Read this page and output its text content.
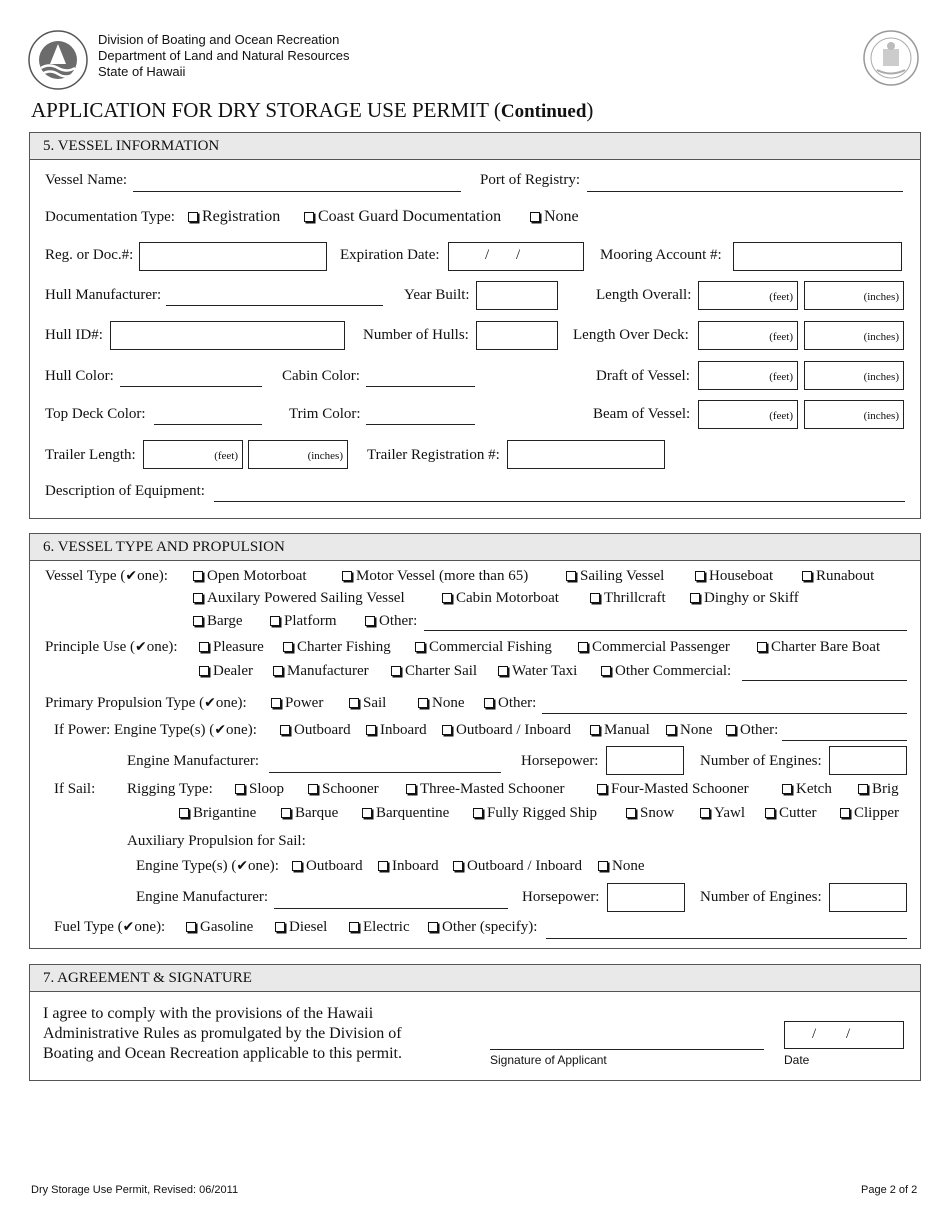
Division of Boating and Ocean Recreation
Department of Land and Natural Resources
State of Hawaii
APPLICATION FOR DRY STORAGE USE PERMIT (Continued)
5. VESSEL INFORMATION
Vessel Name:	Port of Registry:
Documentation Type:	Registration	Coast Guard Documentation	None
Reg. or Doc.#:	Expiration Date:	/ /	Mooring Account #:
Hull Manufacturer:	Year Built:	Length Overall:	(feet)	(inches)
Hull ID#:	Number of Hulls:	Length Over Deck:	(feet)	(inches)
Hull Color:	Cabin Color:	Draft of Vessel:	(feet)	(inches)
Top Deck Color:	Trim Color:	Beam of Vessel:	(feet)	(inches)
Trailer Length:	(feet)	(inches) Trailer Registration #:
Description of Equipment:
6. VESSEL TYPE AND PROPULSION
Vessel Type (✔one):	Open Motorboat	Motor Vessel (more than 65)	Sailing Vessel	Houseboat	Runabout
Auxilary Powered Sailing Vessel	Cabin Motorboat	Thrillcraft	Dinghy or Skiff
Barge	Platform	Other:
Principle Use (✔one):	Pleasure	Charter Fishing	Commercial Fishing	Commercial Passenger	Charter Bare Boat
Dealer	Manufacturer	Charter Sail	Water Taxi	Other Commercial:
Primary Propulsion Type (✔one):	Power	Sail	None	Other:
If Power: Engine Type(s) (✔one):	Outboard	Inboard	Outboard / Inboard	Manual	None	Other:
Engine Manufacturer:	Horsepower:	Number of Engines:
If Sail: Rigging Type:	Sloop	Schooner	Three-Masted Schooner	Four-Masted Schooner	Ketch	Brig
Brigantine	Barque	Barquentine	Fully Rigged Ship	Snow	Yawl	Cutter	Clipper
Auxiliary Propulsion for Sail:
Engine Type(s) (✔one):	Outboard	Inboard	Outboard / Inboard	None
Engine Manufacturer:	Horsepower:	Number of Engines:
Fuel Type (✔one):	Gasoline	Diesel	Electric	Other (specify):
7. AGREEMENT & SIGNATURE
I agree to comply with the provisions of the Hawaii
Administrative Rules as promulgated by the Division of
Boating and Ocean Recreation applicable to this permit.	Signature of Applicant
/ /
Date
Dry Storage Use Permit, Revised: 06/2011	Page 2 of 2
